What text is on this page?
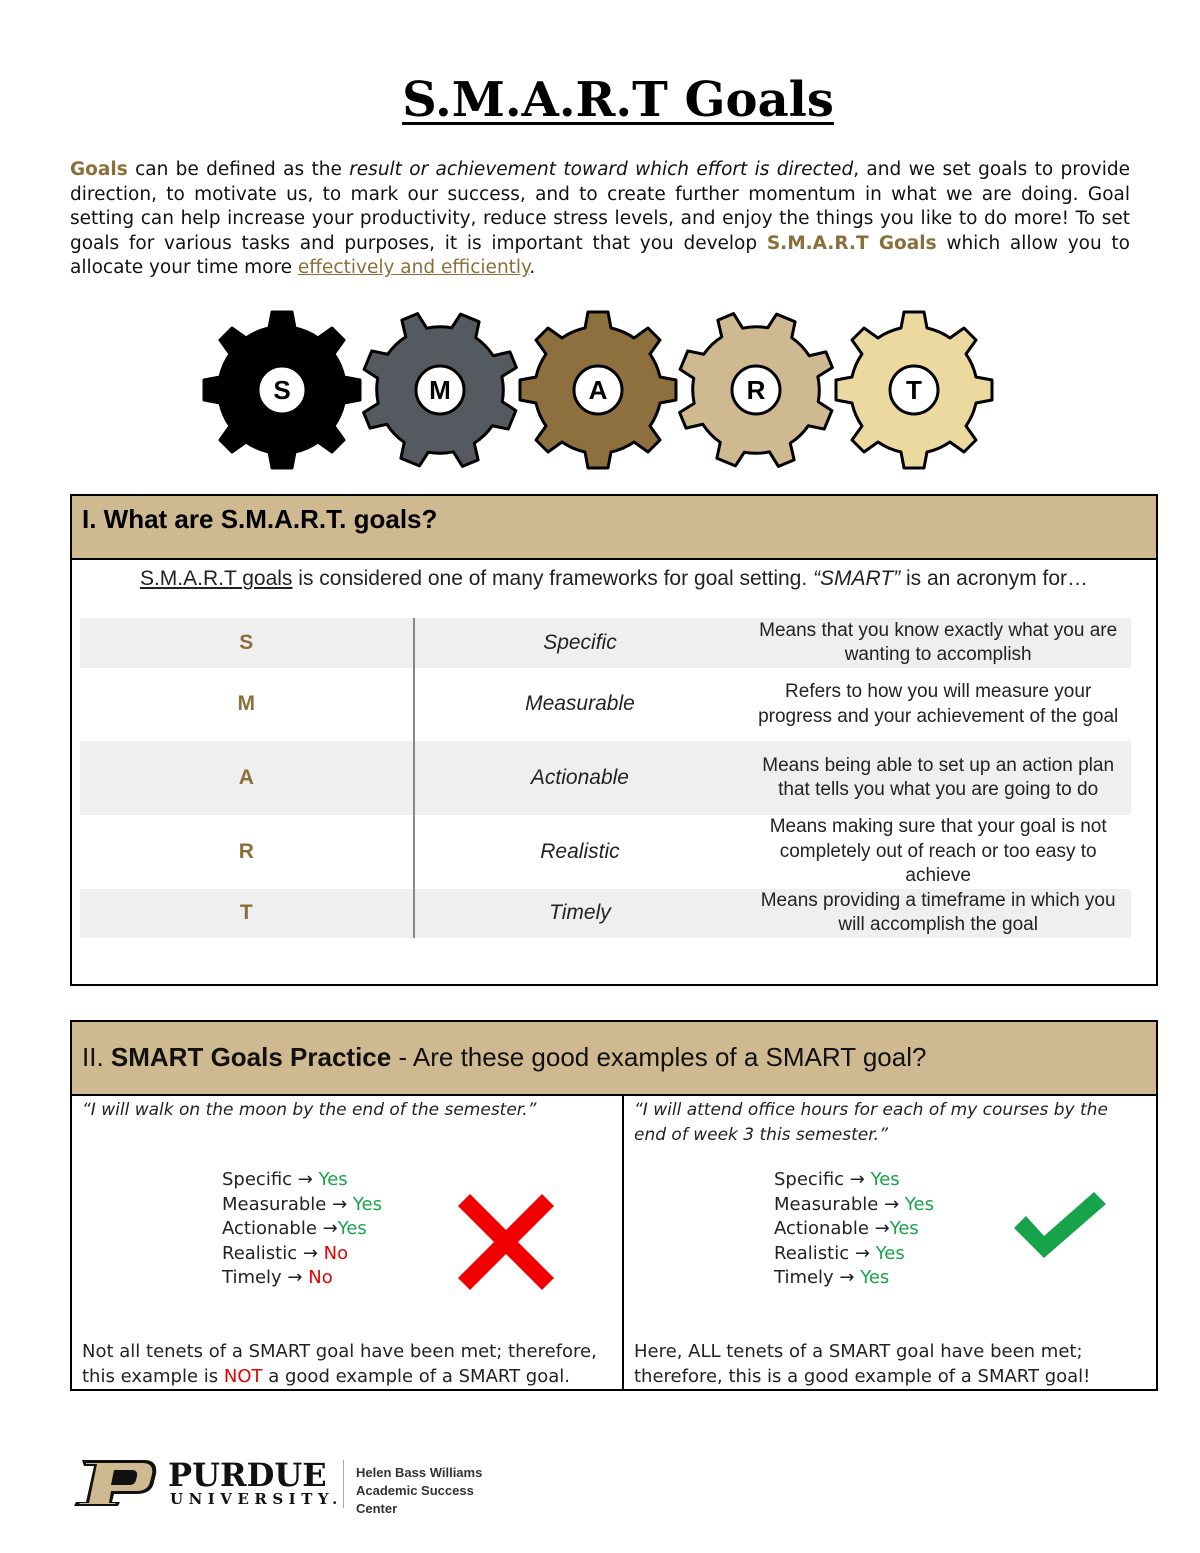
S.M.A.R.T Goals
Goals can be defined as the result or achievement toward which effort is directed, and we set goals to provide direction, to motivate us, to mark our success, and to create further momentum in what we are doing. Goal setting can help increase your productivity, reduce stress levels, and enjoy the things you like to do more! To set goals for various tasks and purposes, it is important that you develop S.M.A.R.T Goals which allow you to allocate your time more effectively and efficiently.
S	M	A	R	T
I. What are S.M.A.R.T. goals?
S.M.A.R.T goals is considered one of many frameworks for goal setting. “SMART” is an acronym for…
S	Specific	Means that you know exactly what you are wanting to accomplish
M	Measurable	Refers to how you will measure your progress and your achievement of the goal
A	Actionable	Means being able to set up an action plan that tells you what you are going to do
R	Realistic	Means making sure that your goal is not completely out of reach or too easy to achieve
T	Timely	Means providing a timeframe in which you will accomplish the goal
II. SMART Goals Practice - Are these good examples of a SMART goal?
“I will walk on the moon by the end of the semester.”
Specific → Yes
Measurable → Yes
Actionable →Yes
Realistic → No
Timely → No
Not all tenets of a SMART goal have been met; therefore, this example is NOT a good example of a SMART goal.
“I will attend office hours for each of my courses by the end of week 3 this semester.”
Specific → Yes
Measurable → Yes
Actionable →Yes
Realistic → Yes
Timely → Yes
Here, ALL tenets of a SMART goal have been met; therefore, this is a good example of a SMART goal!
PURDUE
UNIVERSITY.
Helen Bass Williams
Academic Success Center
